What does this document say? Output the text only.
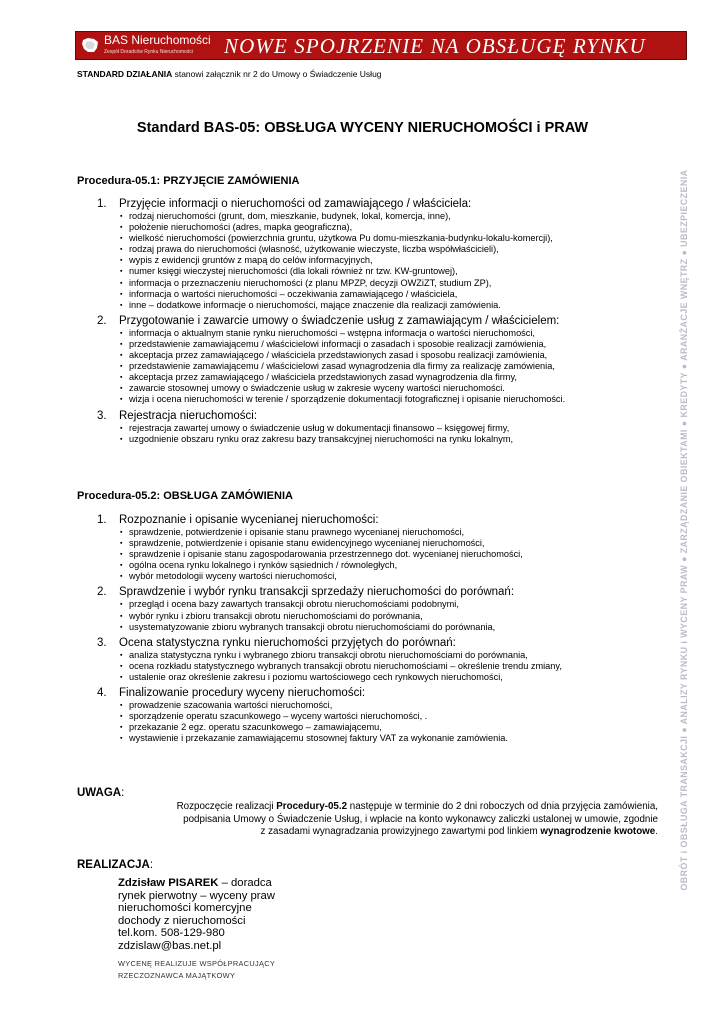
BAS Nieruchomości
Zespół Doradców Rynku Nieruchomości NOWE SPOJRZENIE NA OBSŁUGĘ RYNKU
STANDARD DZIAŁANIA stanowi załącznik nr 2 do Umowy o Świadczenie Usług
OBRÓT i OBSŁUGA TRANSAKCJI ● ANALIZY RYNKU i WYCENY PRAW ● ZARZĄDZANIE OBIEKTAMI ● KREDYTY ● ARANŻACJE WNĘTRZ ● UBEZPIECZENIA
Standard BAS-05: OBSŁUGA WYCENY NIERUCHOMOŚCI i PRAW
Procedura-05.1: PRZYJĘCIE ZAMÓWIENIA
1. Przyjęcie informacji o nieruchomości od zamawiającego / właściciela:
▪ rodzaj nieruchomości (grunt, dom, mieszkanie, budynek, lokal, komercja, inne),
▪ położenie nieruchomości (adres, mapka geograficzna),
▪ wielkość nieruchomości (powierzchnia gruntu, użytkowa Pu domu-mieszkania-budynku-lokalu-komercji),
▪ rodzaj prawa do nieruchomości (własność, użytkowanie wieczyste, liczba współwłaścicieli),
▪ wypis z ewidencji gruntów z mapą do celów informacyjnych,
▪ numer księgi wieczystej nieruchomości (dla lokali również nr tzw. KW-gruntowej),
▪ informacja o przeznaczeniu nieruchomości (z planu MPZP, decyzji OWZiZT, studium ZP),
▪ informacja o wartości nieruchomości – oczekiwania zamawiającego / właściciela,
▪ inne – dodatkowe informacje o nieruchomości, mające znaczenie dla realizacji zamówienia.
2. Przygotowanie i zawarcie umowy o świadczenie usług z zamawiającym / właścicielem:
▪ informacja o aktualnym stanie rynku nieruchomości – wstępna informacja o wartości nieruchomości,
▪ przedstawienie zamawiającemu / właścicielowi informacji o zasadach i sposobie realizacji zamówienia,
▪ akceptacja przez zamawiającego / właściciela przedstawionych zasad i sposobu realizacji zamówienia,
▪ przedstawienie zamawiającemu / właścicielowi zasad wynagrodzenia dla firmy za realizację zamówienia,
▪ akceptacja przez zamawiającego / właściciela przedstawionych zasad wynagrodzenia dla firmy,
▪ zawarcie stosownej umowy o świadczenie usług w zakresie wyceny wartości nieruchomości.
▪ wizja i ocena nieruchomości w terenie / sporządzenie dokumentacji fotograficznej i opisanie nieruchomości.
3. Rejestracja nieruchomości:
▪ rejestracja zawartej umowy o świadczenie usług w dokumentacji finansowo – księgowej firmy,
▪ uzgodnienie obszaru rynku oraz zakresu bazy transakcyjnej nieruchomości na rynku lokalnym,
Procedura-05.2: OBSŁUGA ZAMÓWIENIA
1. Rozpoznanie i opisanie wycenianej nieruchomości:
▪ sprawdzenie, potwierdzenie i opisanie stanu prawnego wycenianej nieruchomości,
▪ sprawdzenie, potwierdzenie i opisanie stanu ewidencyjnego wycenianej nieruchomości,
▪ sprawdzenie i opisanie stanu zagospodarowania przestrzennego dot. wycenianej nieruchomości,
▪ ogólna ocena rynku lokalnego i rynków sąsiednich / równoległych,
▪ wybór metodologii wyceny wartości nieruchomości,
2. Sprawdzenie i wybór rynku transakcji sprzedaży nieruchomości do porównań:
▪ przegląd i ocena bazy zawartych transakcji obrotu nieruchomościami podobnymi,
▪ wybór rynku i zbioru transakcji obrotu nieruchomościami do porównania,
▪ usystematyzowanie zbioru wybranych transakcji obrotu nieruchomościami do porównania,
3. Ocena statystyczna rynku nieruchomości przyjętych do porównań:
▪ analiza statystyczna rynku i wybranego zbioru transakcji obrotu nieruchomościami do porównania,
▪ ocena rozkładu statystycznego wybranych transakcji obrotu nieruchomościami – określenie trendu zmiany,
▪ ustalenie oraz określenie zakresu i poziomu wartościowego cech rynkowych nieruchomości,
4. Finalizowanie procedury wyceny nieruchomości:
▪ prowadzenie szacowania wartości nieruchomości,
▪ sporządzenie operatu szacunkowego – wyceny wartości nieruchomości, .
▪ przekazanie 2 egz. operatu szacunkowego – zamawiającemu,
▪ wystawienie i przekazanie zamawiającemu stosownej faktury VAT za wykonanie zamówienia.
UWAGA:
Rozpoczęcie realizacji Procedury-05.2 następuje w terminie do 2 dni roboczych od dnia przyjęcia zamówienia,
podpisania Umowy o Świadczenie Usług, i wpłacie na konto wykonawcy zaliczki ustalonej w umowie, zgodnie
z zasadami wynagradzania prowizyjnego zawartymi pod linkiem wynagrodzenie kwotowe.
REALIZACJA:
Zdzisław PISAREK – doradca
rynek pierwotny – wyceny praw
nieruchomości komercyjne
dochody z nieruchomości
tel.kom. 508-129-980
zdzislaw@bas.net.pl
WYCENĘ REALIZUJE WSPÓŁPRACUJĄCY
RZECZOZNAWCA MAJĄTKOWY
